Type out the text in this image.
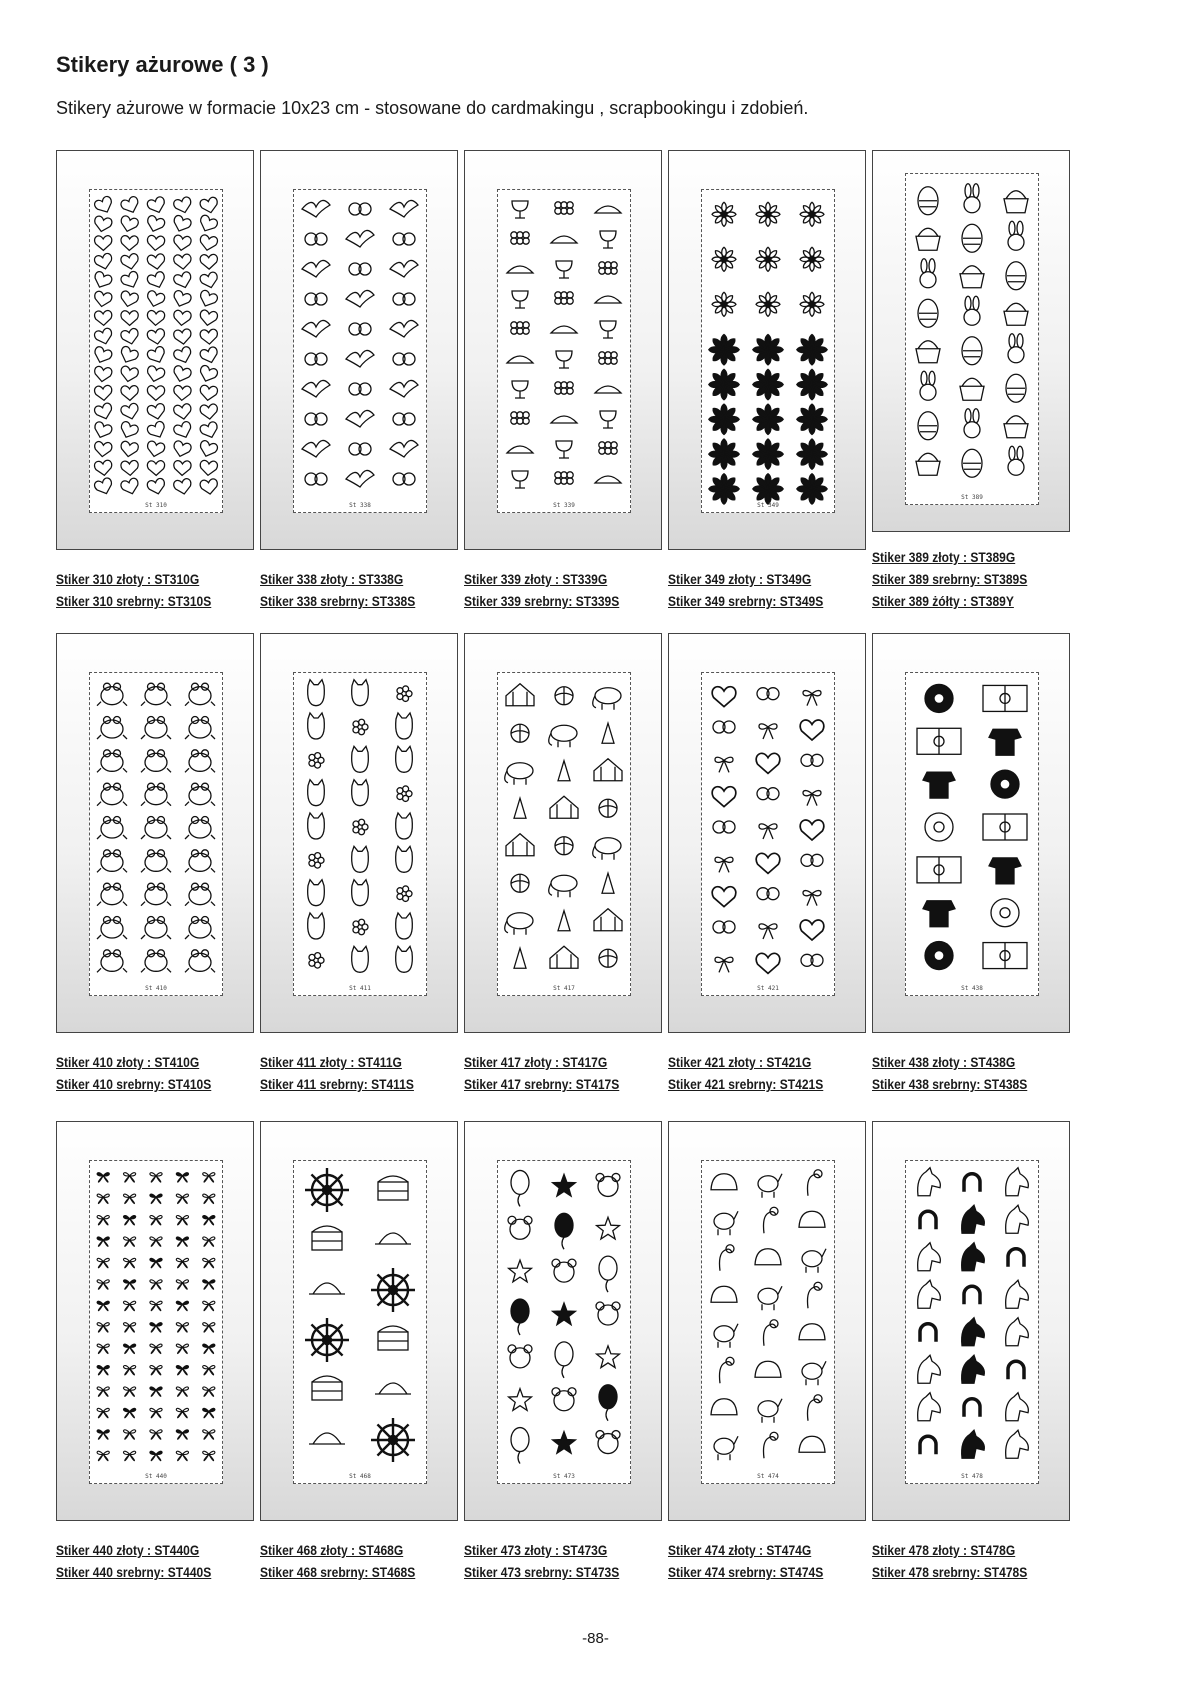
Stikery ażurowe ( 3 )

Stikery ażurowe w formacie 10x23 cm - stosowane do cardmakingu , scrapbookingu i zdobień.

St 310
Stiker 310 złoty : ST310G
Stiker 310 srebrny: ST310S
St 338
Stiker 338 złoty : ST338G
Stiker 338 srebrny: ST338S
St 339
Stiker 339 złoty : ST339G
Stiker 339 srebrny: ST339S
St 349
Stiker 349 złoty : ST349G
Stiker 349 srebrny: ST349S
St 389
Stiker 389 złoty : ST389G
Stiker 389 srebrny: ST389S
Stiker 389 żółty : ST389Y
St 410
Stiker 410 złoty : ST410G
Stiker 410 srebrny: ST410S
St 411
Stiker 411 złoty : ST411G
Stiker 411 srebrny: ST411S
St 417
Stiker 417 złoty : ST417G
Stiker 417 srebrny: ST417S
St 421
Stiker 421 złoty : ST421G
Stiker 421 srebrny: ST421S
St 438
Stiker 438 złoty : ST438G
Stiker 438 srebrny: ST438S
St 440
Stiker 440 złoty : ST440G
Stiker 440 srebrny: ST440S
St 468
Stiker 468 złoty : ST468G
Stiker 468 srebrny: ST468S
St 473
Stiker 473 złoty : ST473G
Stiker 473 srebrny: ST473S
St 474
Stiker 474 złoty : ST474G
Stiker 474 srebrny: ST474S
St 478
Stiker 478 złoty : ST478G
Stiker 478 srebrny: ST478S

-88-
